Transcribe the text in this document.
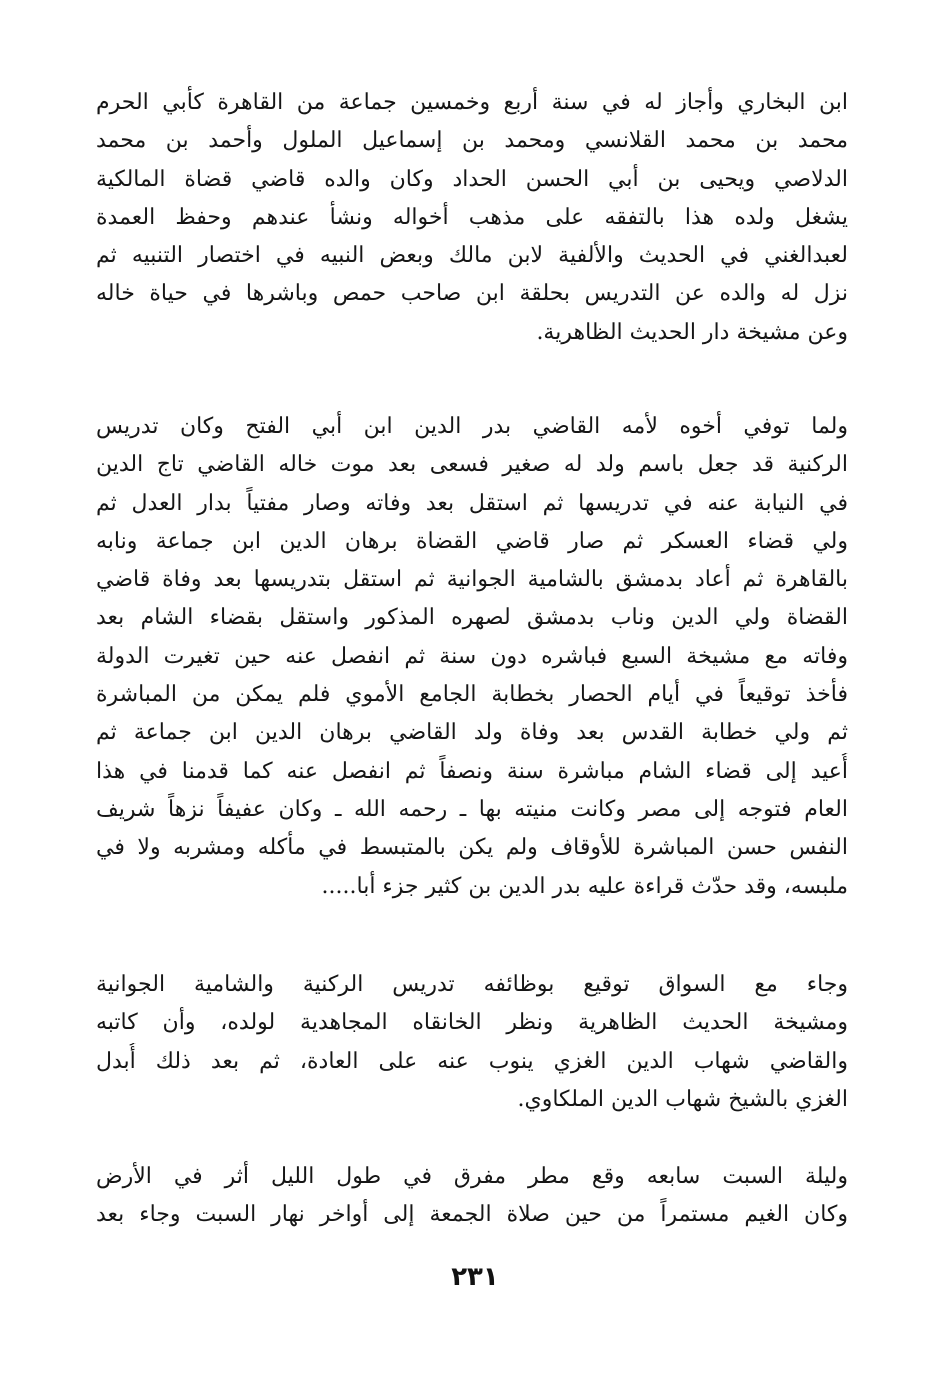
ابن البخاري وأجاز له في سنة أربع وخمسين جماعة من القاهرة كأبي الحرم
محمد بن محمد القلانسي ومحمد بن إسماعيل الملول وأحمد بن محمد
الدلاصي ويحيى بن أبي الحسن الحداد وكان والده قاضي قضاة المالكية
يشغل ولده هذا بالتفقه على مذهب أخواله ونشأ عندهم وحفظ العمدة
لعبدالغني في الحديث والألفية لابن مالك وبعض النبيه في اختصار التنبيه ثم
نزل له والده عن التدريس بحلقة ابن صاحب حمص وباشرها في حياة خاله
وعن مشيخة دار الحديث الظاهرية.
ولما توفي أخوه لأمه القاضي بدر الدين ابن أبي الفتح وكان تدريس
الركنية قد جعل باسم ولد له صغير فسعى بعد موت خاله القاضي تاج الدين
في النيابة عنه في تدريسها ثم استقل بعد وفاته وصار مفتياً بدار العدل ثم
ولي قضاء العسكر ثم صار قاضي القضاة برهان الدين ابن جماعة ونابه
بالقاهرة ثم أعاد بدمشق بالشامية الجوانية ثم استقل بتدريسها بعد وفاة قاضي
القضاة ولي الدين وناب بدمشق لصهره المذكور واستقل بقضاء الشام بعد
وفاته مع مشيخة السبع فباشره دون سنة ثم انفصل عنه حين تغيرت الدولة
فأخذ توقيعاً في أيام الحصار بخطابة الجامع الأموي فلم يمكن من المباشرة
ثم ولي خطابة القدس بعد وفاة ولد القاضي برهان الدين ابن جماعة ثم
أُعيد إلى قضاء الشام مباشرة سنة ونصفاً ثم انفصل عنه كما قدمنا في هذا
العام فتوجه إلى مصر وكانت منيته بها ـ رحمه الله ـ وكان عفيفاً نزهاً شريف
النفس حسن المباشرة للأوقاف ولم يكن بالمتبسط في مأكله ومشربه ولا في
ملبسه، وقد حدّث قراءة عليه بدر الدين بن كثير جزء أبا.....
وجاء مع السواق توقيع بوظائفه تدريس الركنية والشامية الجوانية
ومشيخة الحديث الظاهرية ونظر الخانقاه المجاهدية لولده، وأن كاتبه
والقاضي شهاب الدين الغزي ينوب عنه على العادة، ثم بعد ذلك أُبدل
الغزي بالشيخ شهاب الدين الملكاوي.
وليلة السبت سابعه وقع مطر مفرق في طول الليل أثر في الأرض
وكان الغيم مستمراً من حين صلاة الجمعة إلى أواخر نهار السبت وجاء بعد
٢٣١
